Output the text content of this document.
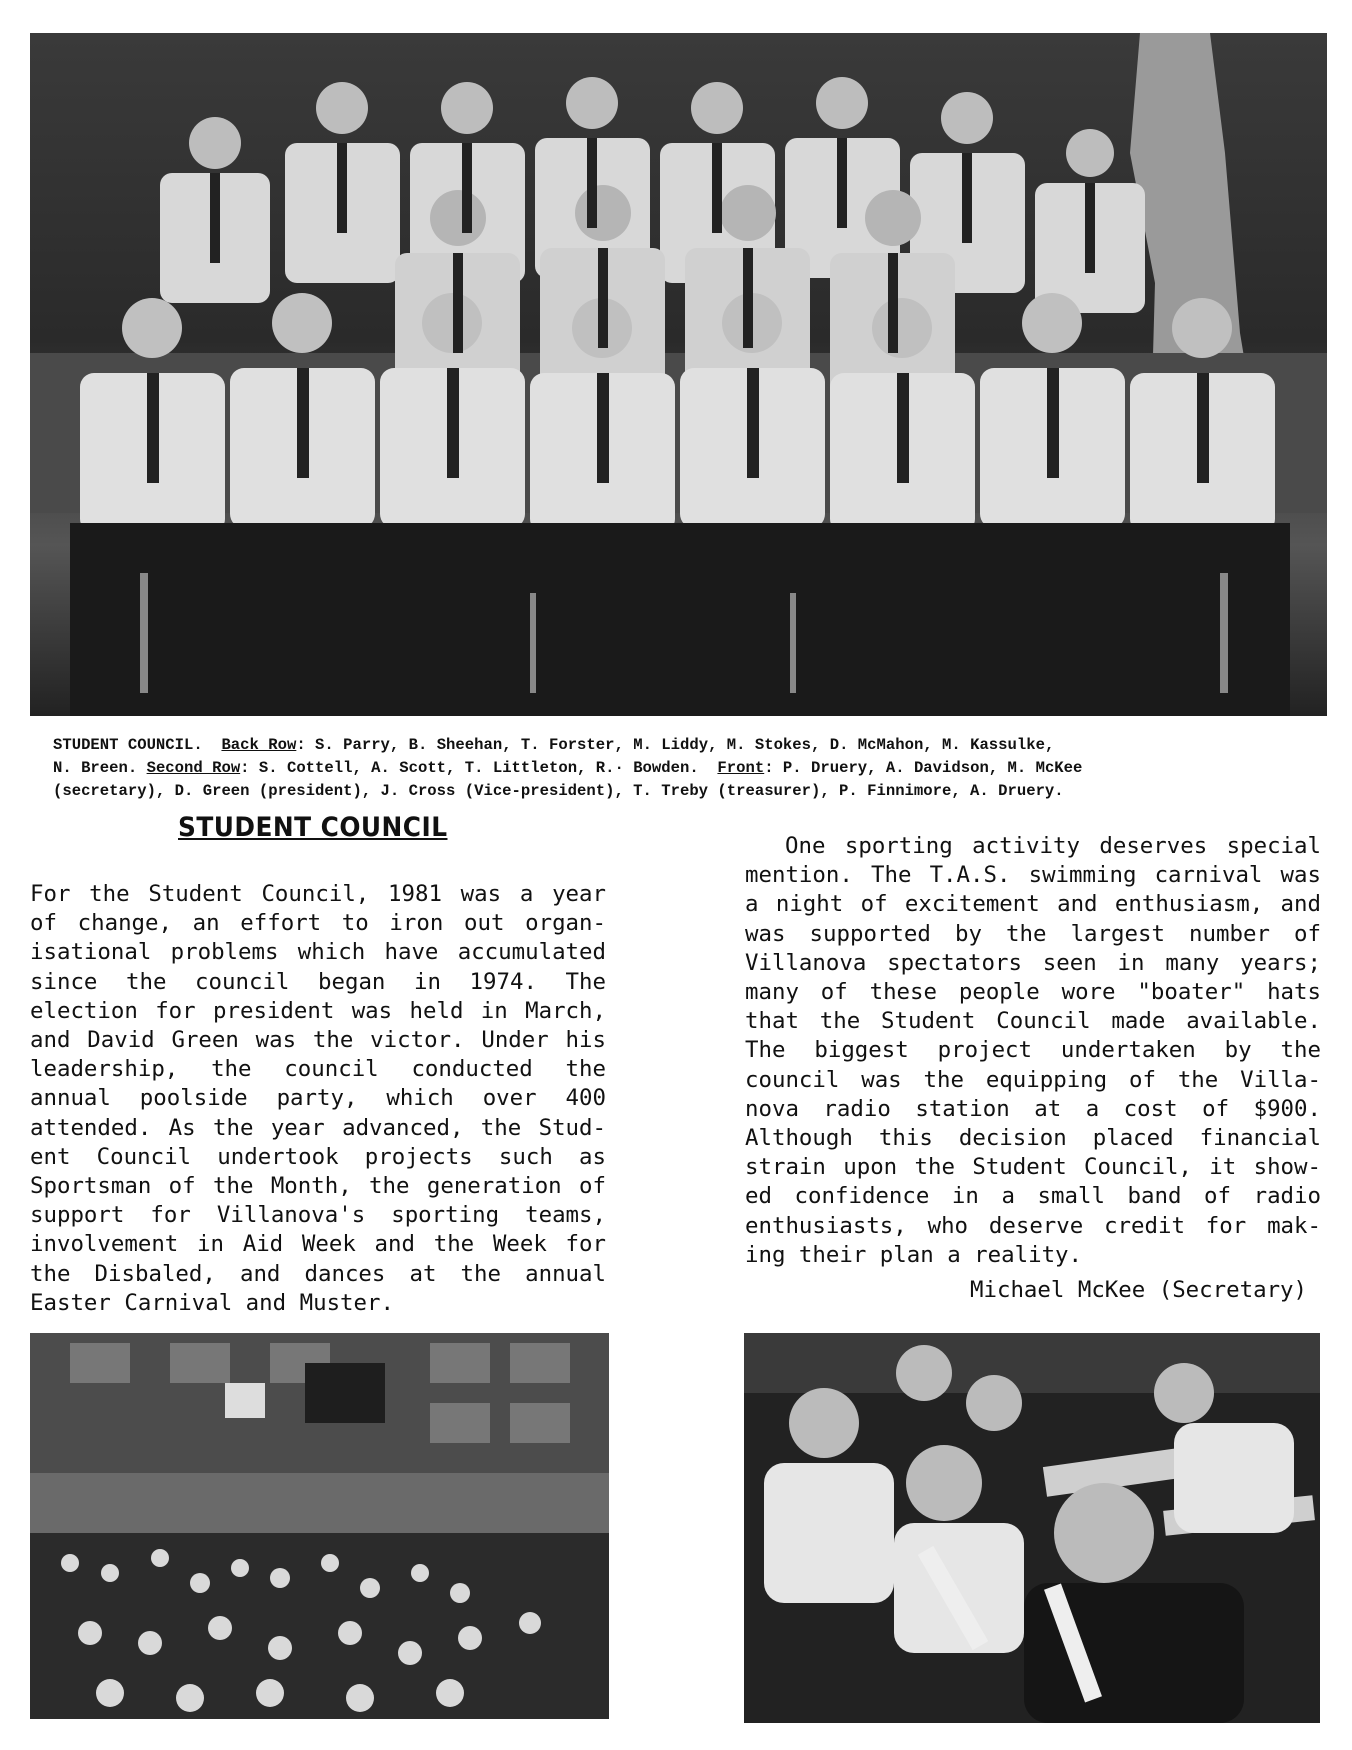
STUDENT COUNCIL. Back Row: S. Parry, B. Sheehan, T. Forster, M. Liddy, M. Stokes, D. McMahon, M. Kassulke,
N. Breen. Second Row: S. Cottell, A. Scott, T. Littleton, R.· Bowden. Front: P. Druery, A. Davidson, M. McKee
(secretary), D. Green (president), J. Cross (Vice-president), T. Treby (treasurer), P. Finnimore, A. Druery.
STUDENT COUNCIL
For the Student Council, 1981 was a year
of change, an effort to iron out organ-
isational problems which have accumulated
since the council began in 1974. The
election for president was held in March,
and David Green was the victor. Under his
leadership, the council conducted the
annual poolside party, which over 400
attended. As the year advanced, the Stud-
ent Council undertook projects such as
Sportsman of the Month, the generation of
support for Villanova's sporting teams,
involvement in Aid Week and the Week for
the Disbaled, and dances at the annual
Easter Carnival and Muster.
One sporting activity deserves special
mention. The T.A.S. swimming carnival was
a night of excitement and enthusiasm, and
was supported by the largest number of
Villanova spectators seen in many years;
many of these people wore "boater" hats
that the Student Council made available.
The biggest project undertaken by the
council was the equipping of the Villa-
nova radio station at a cost of $900.
Although this decision placed financial
strain upon the Student Council, it show-
ed confidence in a small band of radio
enthusiasts, who deserve credit for mak-
ing their plan a reality.
Michael McKee (Secretary)
